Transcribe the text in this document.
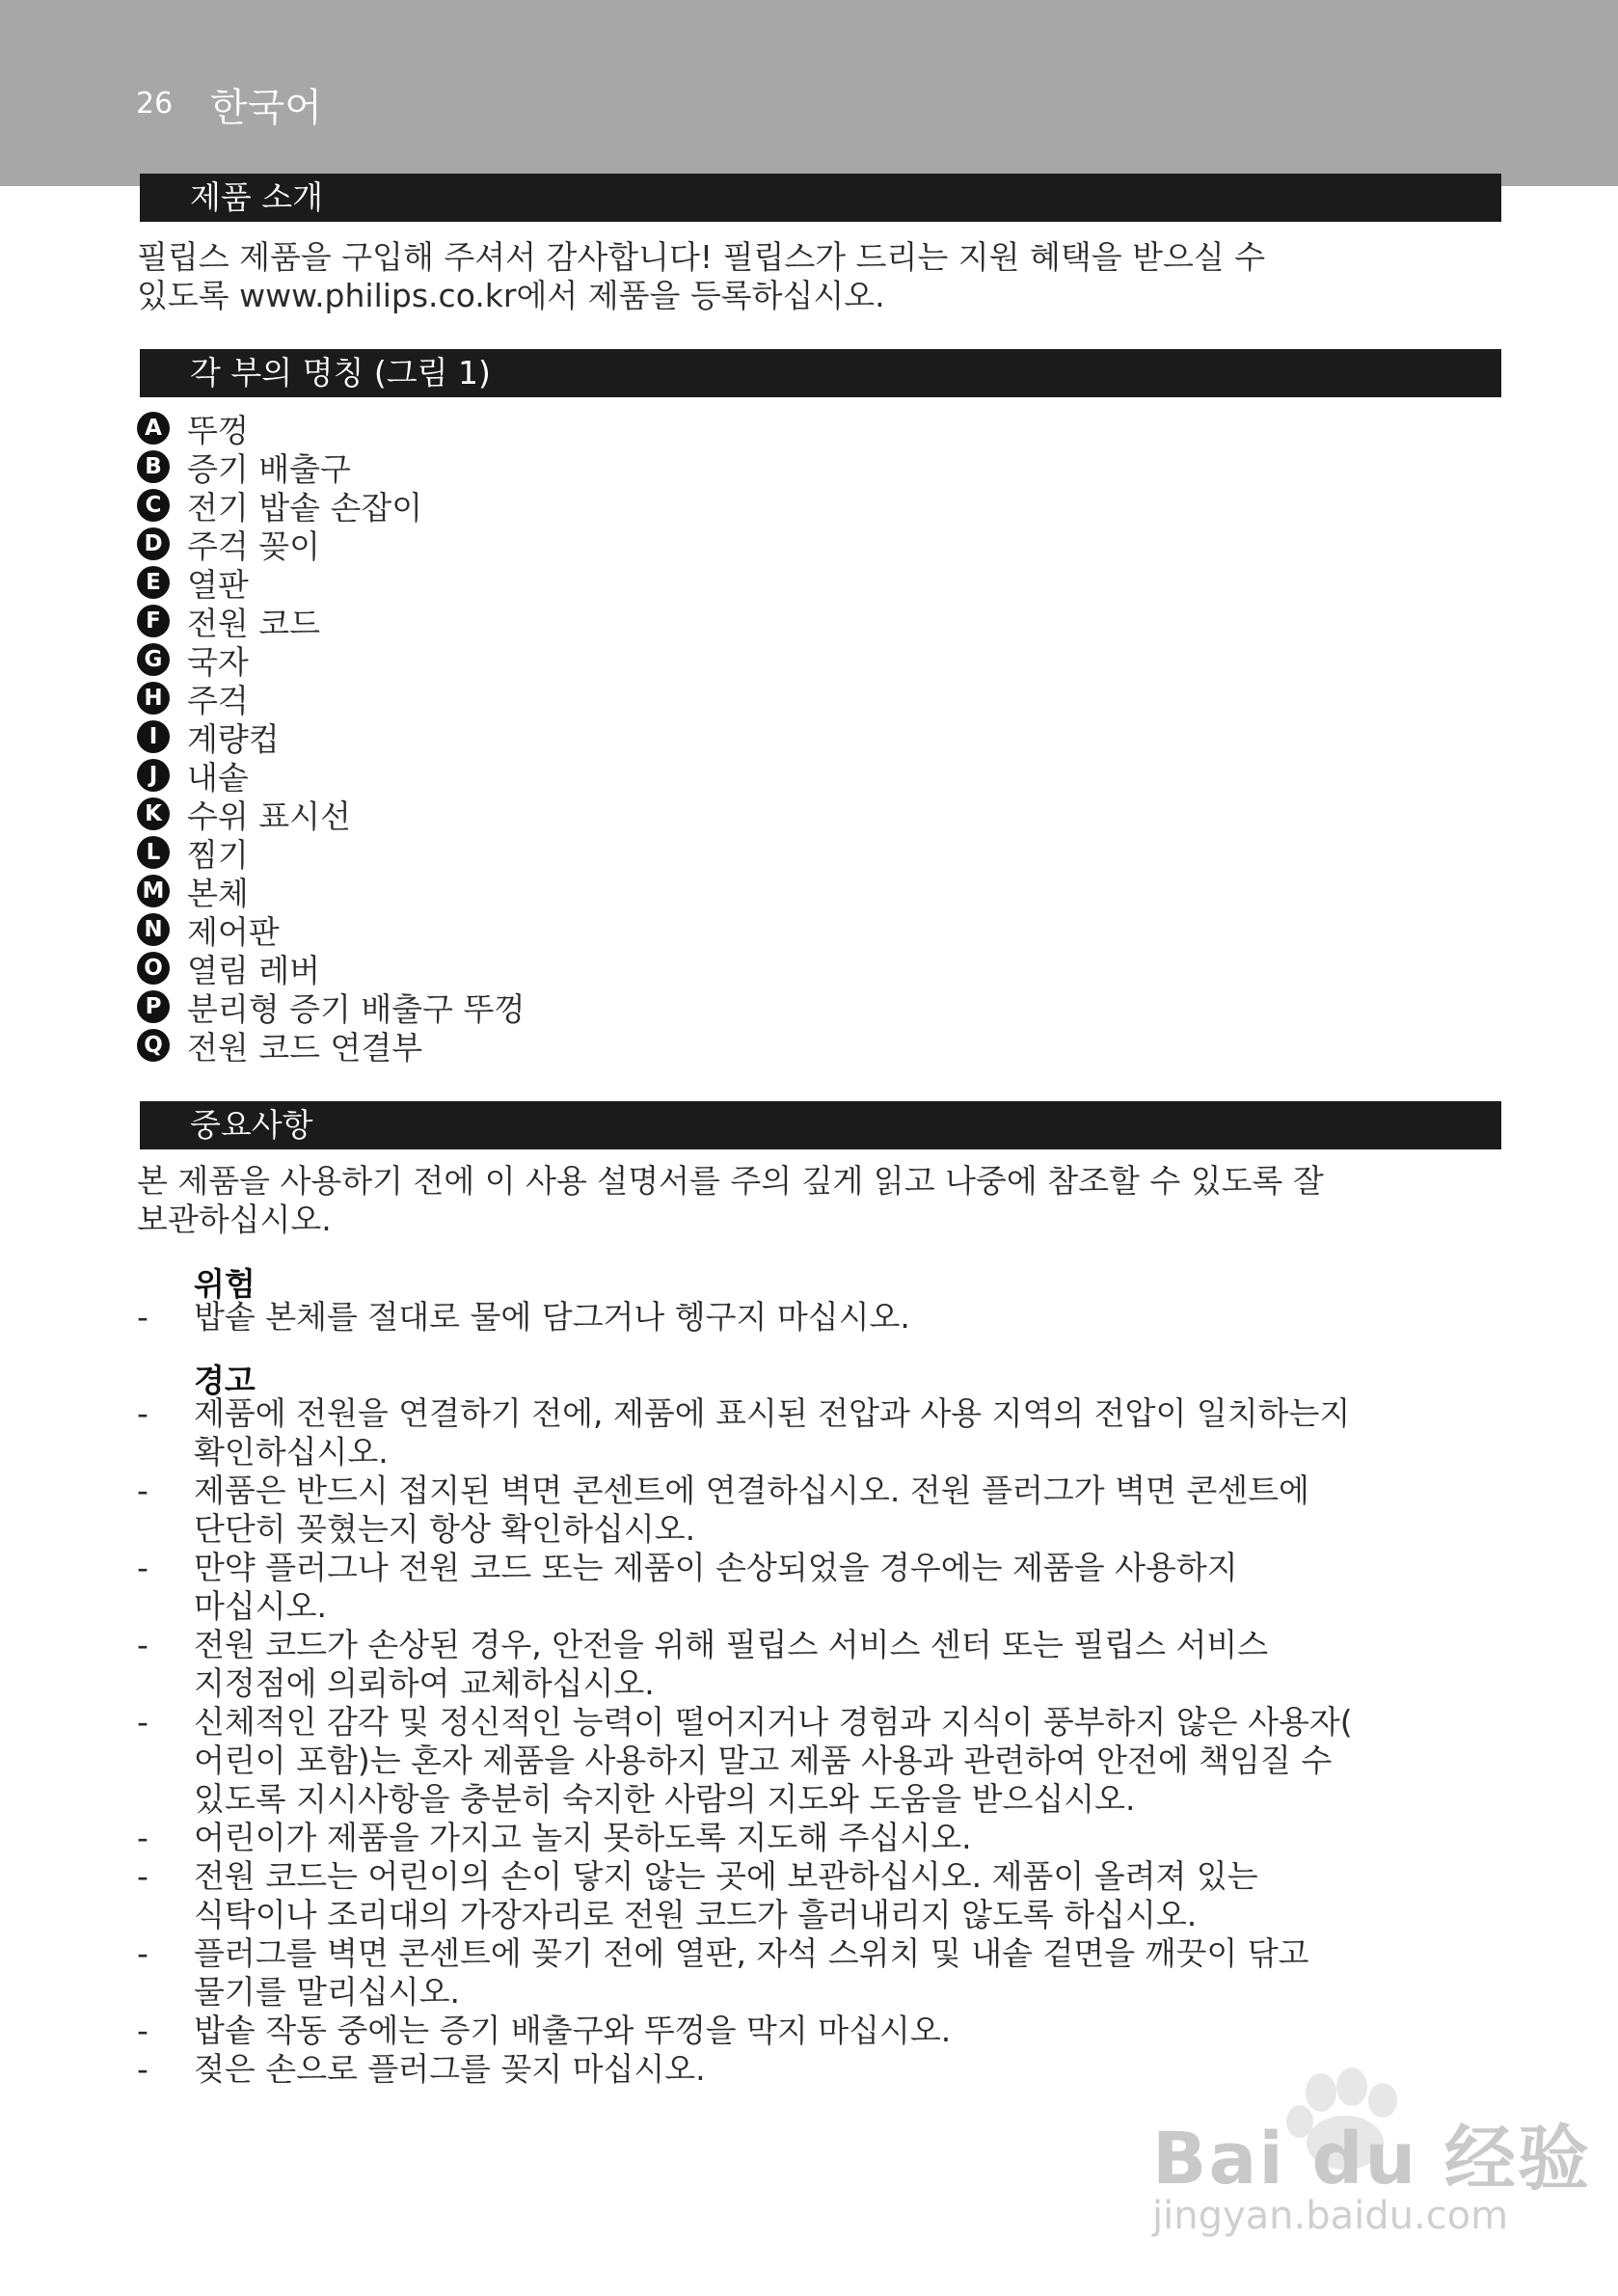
26 한국어
제품 소개
필립스 제품을 구입해 주셔서 감사합니다! 필립스가 드리는 지원 혜택을 받으실 수
있도록 www.philips.co.kr에서 제품을 등록하십시오.
각 부의 명칭 (그림 1)
A 뚜껑
B 증기 배출구
C 전기 밥솥 손잡이
D 주걱 꽂이
E 열판
F 전원 코드
G 국자
H 주걱
I 계량컵
J 내솥
K 수위 표시선
L 찜기
M 본체
N 제어판
O 열림 레버
P 분리형 증기 배출구 뚜껑
Q 전원 코드 연결부
중요사항
본 제품을 사용하기 전에 이 사용 설명서를 주의 깊게 읽고 나중에 참조할 수 있도록 잘
보관하십시오.
위험
- 밥솥 본체를 절대로 물에 담그거나 헹구지 마십시오.
경고
- 제품에 전원을 연결하기 전에, 제품에 표시된 전압과 사용 지역의 전압이 일치하는지
확인하십시오.
- 제품은 반드시 접지된 벽면 콘센트에 연결하십시오. 전원 플러그가 벽면 콘센트에
단단히 꽂혔는지 항상 확인하십시오.
- 만약 플러그나 전원 코드 또는 제품이 손상되었을 경우에는 제품을 사용하지
마십시오.
- 전원 코드가 손상된 경우, 안전을 위해 필립스 서비스 센터 또는 필립스 서비스
지정점에 의뢰하여 교체하십시오.
- 신체적인 감각 및 정신적인 능력이 떨어지거나 경험과 지식이 풍부하지 않은 사용자(
어린이 포함)는 혼자 제품을 사용하지 말고 제품 사용과 관련하여 안전에 책임질 수
있도록 지시사항을 충분히 숙지한 사람의 지도와 도움을 받으십시오.
- 어린이가 제품을 가지고 놀지 못하도록 지도해 주십시오.
- 전원 코드는 어린이의 손이 닿지 않는 곳에 보관하십시오. 제품이 올려져 있는
식탁이나 조리대의 가장자리로 전원 코드가 흘러내리지 않도록 하십시오.
- 플러그를 벽면 콘센트에 꽂기 전에 열판, 자석 스위치 및 내솥 겉면을 깨끗이 닦고
물기를 말리십시오.
- 밥솥 작동 중에는 증기 배출구와 뚜껑을 막지 마십시오.
- 젖은 손으로 플러그를 꽂지 마십시오.
Bai du 经验
jingyan.baidu.com
